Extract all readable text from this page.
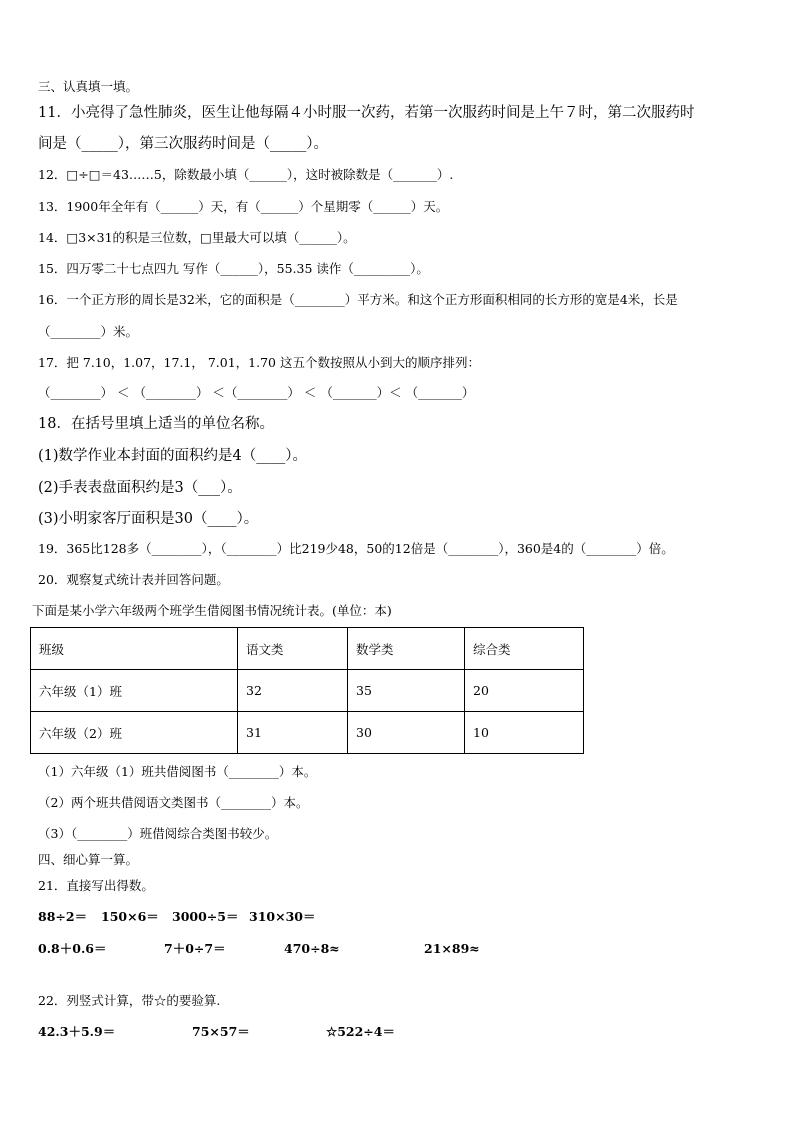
三、认真填一填。
11．小亮得了急性肺炎，医生让他每隔４小时服一次药，若第一次服药时间是上午７时，第二次服药时
间是（_____），第三次服药时间是（_____）。
12．□÷□＝43……5，除数最小填（______），这时被除数是（_______）.
13．1900年全年有（______）天，有（______）个星期零（______）天。
14．□3×31的积是三位数，□里最大可以填（______）。
15．四万零二十七点四九 写作（______），55.35 读作（_________）。
16．一个正方形的周长是32米，它的面积是（________）平方米。和这个正方形面积相同的长方形的宽是4米，长是
（________）米。
17．把 7.10，1.07，17.1， 7.01，1.70 这五个数按照从小到大的顺序排列：
（________） ＜ （________） ＜（________） ＜ （_______）＜ （_______）
18．在括号里填上适当的单位名称。
(1)数学作业本封面的面积约是4（____）。
(2)手表表盘面积约是3（___）。
(3)小明家客厅面积是30（____）。
19．365比128多（________），（________）比219少48，50的12倍是（________），360是4的（________）倍。
20．观察复式统计表并回答问题。
下面是某小学六年级两个班学生借阅图书情况统计表。(单位：本)
班级	语文类	数学类	综合类
六年级（1）班	32	35	20
六年级（2）班	31	30	10
（1）六年级（1）班共借阅图书（________）本。
（2）两个班共借阅语文类图书（________）本。
（3）（________）班借阅综合类图书较少。
四、细心算一算。
21．直接写出得数。
88÷2＝ 150×6＝ 3000÷5＝ 310×30＝
0.8＋0.6＝	7＋0÷7＝	470÷8≈	21×89≈
22．列竖式计算，带☆的要验算.
42.3＋5.9＝	75×57＝	☆522÷4＝
